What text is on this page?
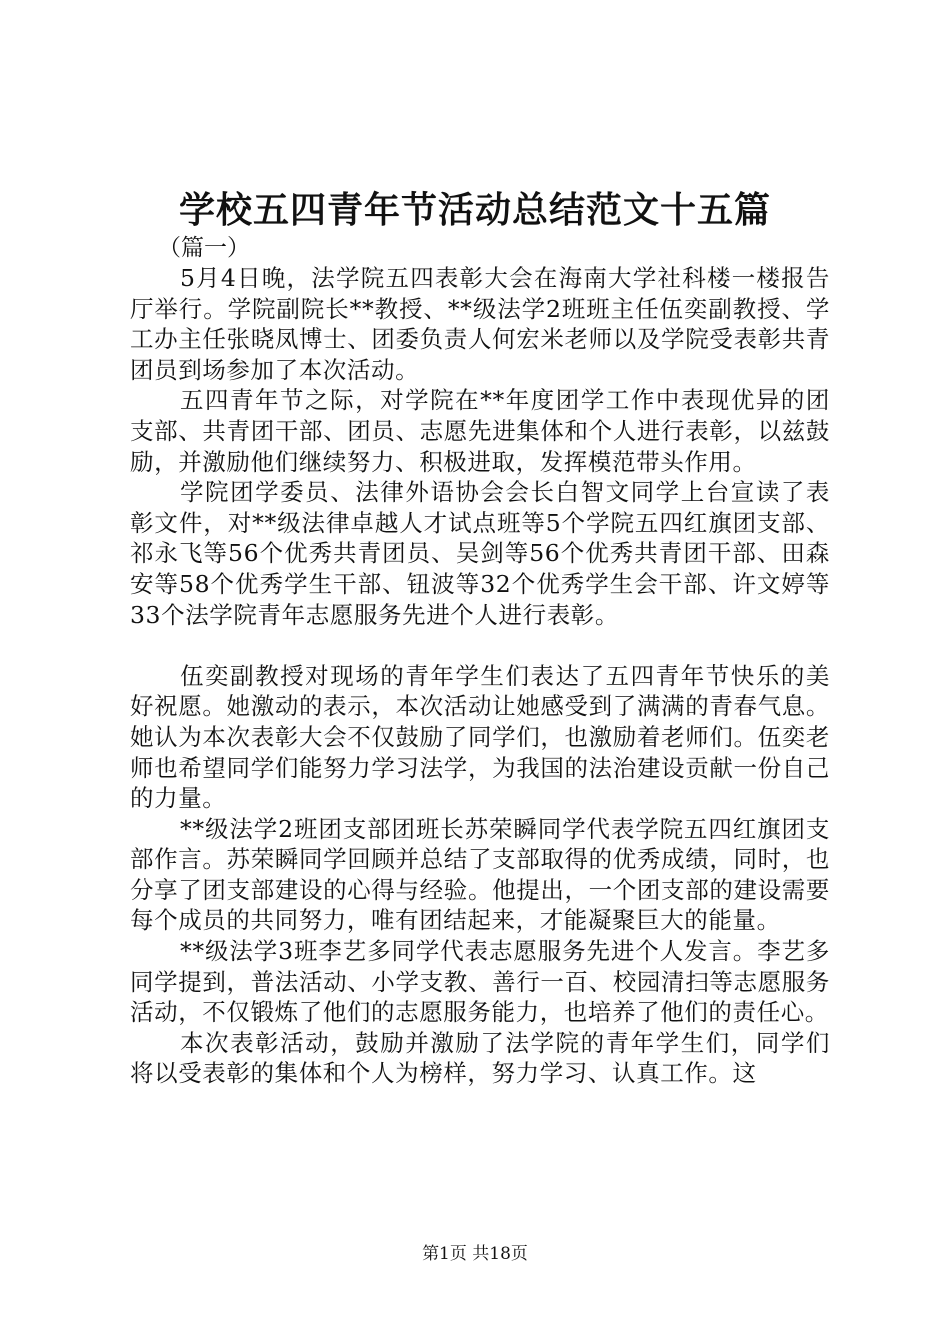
学校五四青年节活动总结范文十五篇
（篇一）

5月4日晚，法学院五四表彰大会在海南大学社科楼一楼报告厅举行。学院副院长**教授、**级法学2班班主任伍奕副教授、学工办主任张晓凤博士、团委负责人何宏米老师以及学院受表彰共青团员到场参加了本次活动。

五四青年节之际，对学院在**年度团学工作中表现优异的团支部、共青团干部、团员、志愿先进集体和个人进行表彰，以兹鼓励，并激励他们继续努力、积极进取，发挥模范带头作用。

学院团学委员、法律外语协会会长白智文同学上台宣读了表彰文件，对**级法律卓越人才试点班等5个学院五四红旗团支部、祁永飞等56个优秀共青团员、吴剑等56个优秀共青团干部、田森安等58个优秀学生干部、钮波等32个优秀学生会干部、许文婷等33个法学院青年志愿服务先进个人进行表彰。

伍奕副教授对现场的青年学生们表达了五四青年节快乐的美好祝愿。她激动的表示，本次活动让她感受到了满满的青春气息。她认为本次表彰大会不仅鼓励了同学们，也激励着老师们。伍奕老师也希望同学们能努力学习法学，为我国的法治建设贡献一份自己的力量。

**级法学2班团支部团班长苏荣瞬同学代表学院五四红旗团支部作言。苏荣瞬同学回顾并总结了支部取得的优秀成绩，同时，也分享了团支部建设的心得与经验。他提出，一个团支部的建设需要每个成员的共同努力，唯有团结起来，才能凝聚巨大的能量。

**级法学3班李艺多同学代表志愿服务先进个人发言。李艺多同学提到，普法活动、小学支教、善行一百、校园清扫等志愿服务活动，不仅锻炼了他们的志愿服务能力，也培养了他们的责任心。

本次表彰活动，鼓励并激励了法学院的青年学生们，同学们将以受表彰的集体和个人为榜样，努力学习、认真工作。这

第1页 共18页
